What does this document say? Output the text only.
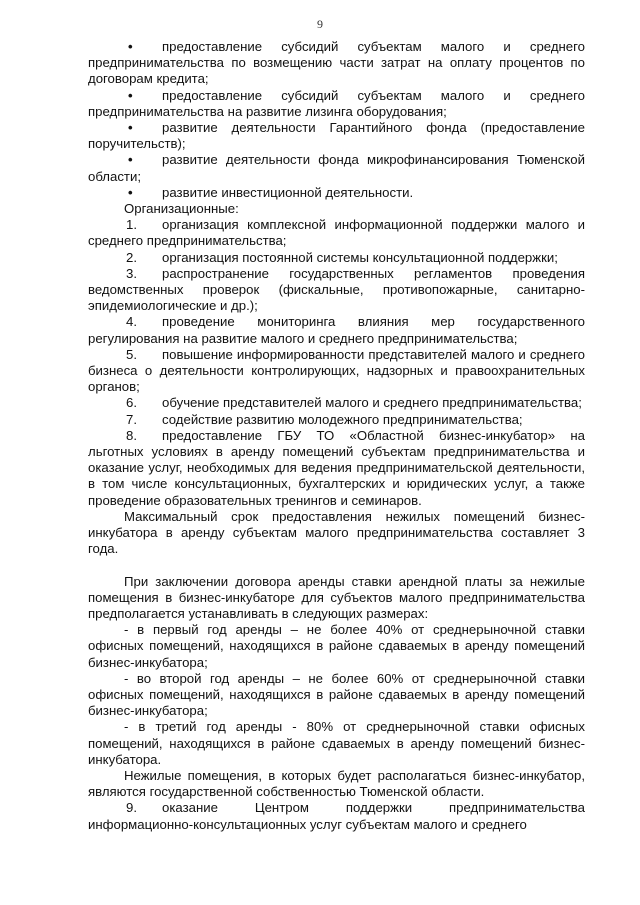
9

• предоставление субсидий субъектам малого и среднего предпринимательства по возмещению части затрат на оплату процентов по договорам кредита;

• предоставление субсидий субъектам малого и среднего предпринимательства на развитие лизинга оборудования;

• развитие деятельности Гарантийного фонда (предоставление поручительств);

• развитие деятельности фонда микрофинансирования Тюменской области;

• развитие инвестиционной деятельности.

Организационные:

1. организация комплексной информационной поддержки малого и среднего предпринимательства;

2. организация постоянной системы консультационной поддержки;

3. распространение государственных регламентов проведения ведомственных проверок (фискальные, противопожарные, санитарно-эпидемиологические и др.);

4. проведение мониторинга влияния мер государственного регулирования на развитие малого и среднего предпринимательства;

5. повышение информированности представителей малого и среднего бизнеса о деятельности контролирующих, надзорных и правоохранительных органов;

6. обучение представителей малого и среднего предпринимательства;

7. содействие развитию молодежного предпринимательства;

8. предоставление ГБУ ТО «Областной бизнес-инкубатор» на льготных условиях в аренду помещений субъектам предпринимательства и оказание услуг, необходимых для ведения предпринимательской деятельности, в том числе консультационных, бухгалтерских и юридических услуг, а также проведение образовательных тренингов и семинаров.

Максимальный срок предоставления нежилых помещений бизнес-инкубатора в аренду субъектам малого предпринимательства составляет 3 года.

При заключении договора аренды ставки арендной платы за нежилые помещения в бизнес-инкубаторе для субъектов малого предпринимательства предполагается устанавливать в следующих размерах:

- в первый год аренды – не более 40% от среднерыночной ставки офисных помещений, находящихся в районе сдаваемых в аренду помещений бизнес-инкубатора;

- во второй год аренды – не более 60% от среднерыночной ставки офисных помещений, находящихся в районе сдаваемых в аренду помещений бизнес-инкубатора;

- в третий год аренды - 80% от среднерыночной ставки офисных помещений, находящихся в районе сдаваемых в аренду помещений бизнес-инкубатора.

Нежилые помещения, в которых будет располагаться бизнес-инкубатор, являются государственной собственностью Тюменской области.

9. оказание Центром поддержки предпринимательства информационно-консультационных услуг субъектам малого и среднего
